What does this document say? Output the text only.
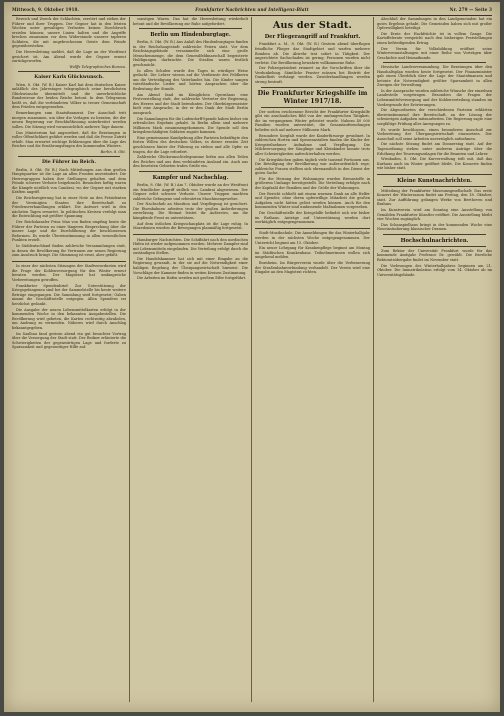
Mittwoch, 9. Oktober 1918.	Frankfurter Nachrichten und Intelligenz-Blatt	Nr. 279 — Seite 3

Bereich und Zweck der Schlachten, zerstört und ziehen der Führer und ihrer Truppen. Der Gegner hat in den letzten Wochen unter gewaltigen Verlusten keinen Durchbruch erzielen können; unsere Linien halten und die Angriffe brechen zusammen vor dem Widerstande unserer tapferen Soldaten, die mit ungebrochenem Geiste dem Feinde gegenüberstehen.

Die Heeresleitung meldet, daß die Lage an der Westfront gesichert ist. Am Abend wurde der Gegner erneut zurückgeworfen.

Wolffs Telegraphisches Bureau.

Kaiser Karls Glückwunsch.

Wien, 8. Okt. (W. B.) Kaiser Karl hat dem deutschen Kaiser anläßlich des Jahrestages telegraphisch seine herzlichsten Glückwünsche übermittelt und die unverbrüchliche Bundestreue der beiden Reiche betont. In dem Telegramm heißt es, daß die verbündeten Völker in treuer Gemeinschaft dem Frieden entgegensehen.

Bemerkungen zum Staatsfinanzrat. Der Ausschuß tritt morgen zusammen, um über die Vorlagen zu beraten, die der neuen Regierung zur Beschlußfassung unterbreitet werden sollen. Die Sitzung wird voraussichtlich mehrere Tage dauern.

Das Ministerium hat angeordnet, daß die Beratungen in voller Öffentlichkeit geführt werden und daß die Presse Zutritt erhält. Man erwartet wichtige Erklärungen über die Lage des Reiches und die Ernährungsfragen des kommenden Winters.

Berlin, 8. Okt.

Die Führer im Reich.

Berlin, 8. Okt. (W. B.) Nach Mitteilungen aus dem großen Hauptquartier ist die Lage an allen Fronten unverändert. Die Heeresgruppen haben ihre Stellungen gehalten und dem Feinde schwere Verluste beigebracht. Besonders heftig waren die Kämpfe nördlich von Cambrai, wo der Gegner mit starken Kräften angriff.

Die Reichsregierung hat in einer Note an den Präsidenten der Vereinigten Staaten ihre Bereitschaft zu Friedensverhandlungen erklärt. Die Antwort wird in den nächsten Tagen erwartet. In politischen Kreisen verfolgt man die Entwicklung mit größter Spannung.

Der Reichskanzler Prinz Max von Baden empfing heute die Führer der Parteien zu einer längeren Besprechung über die innere Lage und die Durchführung der beschlossenen Reformen. Es wurde Übereinstimmung in allen wesentlichen Punkten erzielt.

In Süddeutschland finden zahlreiche Versammlungen statt, in denen die Bevölkerung ihr Vertrauen zur neuen Regierung zum Ausdruck bringt. Die Stimmung ist ernst, aber gefaßt.

In einer der nächsten Sitzungen der Stadtverordneten wird die Frage der Kohlenversorgung für den Winter erneut beraten werden. Der Magistrat hat umfangreiche Vorbereitungen getroffen.

Frankfurter Spendenbrief. Zur Unterstützung der Kriegsgefangenen sind bei der Sammelstelle bis heute weitere Beträge eingegangen. Die Sammlung wird fortgesetzt; Gaben nimmt die Geschäftsstelle entgegen. Allen Spendern sei herzlichst gedankt.

Die Ausgabe der neuen Lebensmittelkarten erfolgt in der kommenden Woche in den bekannten Ausgabestellen. Die Bevölkerung wird gebeten, die Karten rechtzeitig abzuholen, um Andrang zu vermeiden. Näheres wird durch Anschlag bekanntgegeben.

Im Saalbau fand gestern abend ein gut besuchter Vortrag über die Versorgung der Stadt statt. Der Redner erläuterte die Schwierigkeiten der gegenwärtigen Lage und forderte zu Sparsamkeit und gegenseitiger Hilfe auf.

sonstigen Waren. Das hat die Heeresleitung wiederholt betont und die Bevölkerung zur Ruhe aufgefordert.

Berlin um Hindenburgtage.

Berlin, 8. Okt. (W. B.) Aus Anlaß des Hindenburgtages fanden in der Reichshauptstadt zahlreiche Feiern statt. Vor dem Reichstagsgebäude versammelte sich eine große Menschenmenge, die dem Generalfeldmarschall begeisterte Huldigungen darbrachte. Die Straßen waren festlich geschmückt.

In allen Schulen wurde des Tages in würdiger Weise gedacht. Die Lehrer wiesen auf die Verdienste des Feldherrn um die Verteidigung des Vaterlandes hin. Die Kinder sangen vaterländische Lieder und hörten Ansprachen über die Bedeutung der Stunde.

Am Abend fand im Königlichen Opernhaus eine Festvorstellung statt, der zahlreiche Vertreter der Regierung, des Heeres und der Stadt beiwohnten. Der Oberbürgermeister hielt eine Ansprache, in der er den Dank der Stadt Berlin aussprach.

Die Sammlungen für die Ludendorff-Spende haben bisher ein erfreuliches Ergebnis gehabt. In Berlin allein sind mehrere Millionen Mark zusammengekommen. Die Spende soll den kriegsbeschädigten Soldaten zugute kommen.

Eine gemeinsame Kundgebung aller Parteien bekräftigte den festen Willen des deutschen Volkes, in dieser ernsten Zeit geschlossen hinter der Führung zu stehen und alle Opfer zu tragen, die die Lage erfordert.

Zahlreiche Glückwunschtelegramme liefen aus allen Teilen des Reiches und aus dem verbündeten Ausland ein. Auch aus den besetzten Gebieten trafen Grüße ein.

Kampfer und Nachschlag.

Berlin, 8. Okt. (W. B.) Am 7. Oktober wurde an der Westfront ein feindlicher Angriff südlich von Cambrai abgewiesen. Der Gegner erlitt schwere Verluste. Unsere Truppen machten zahlreiche Gefangene und erbeuteten Maschinengewehre.

Der Nachschub an Munition und Verpflegung ist gesichert. Die Eisenbahnen arbeiten trotz der großen Anforderungen zuverlässig. Die Heimat leistet ihr Äußerstes, um die kämpfende Front zu unterstützen.

Auf dem östlichen Kriegsschauplatz ist die Lage ruhig. In Mazedonien wurden die Bewegungen planmäßig fortgesetzt.

Hamburger Nachrichten. Die Schiffahrt nach den nordischen Häfen ist wieder aufgenommen worden. Mehrere Dampfer sind mit Lebensmitteln eingelaufen. Die Verteilung erfolgt durch die zuständigen Stellen.

Die Handelskammer hat sich mit einer Eingabe an die Regierung gewandt, in der sie auf die Notwendigkeit einer baldigen Regelung der Übergangswirtschaft hinweist. Die Vorschläge der Kammer finden in weiten Kreisen Zustimmung.

Die Arbeiten im Hafen werden mit großem Eifer fortgeführt.

Aus der Stadt.

Der Fliegerangriff auf Frankfurt.

Frankfurt a. M., 8. Okt. (W. B.) Gestern abend überflogen feindliche Flieger das Stadtgebiet und warfen mehrere Bomben ab. Die Abwehr trat sofort in Tätigkeit. Der angerichtete Sachschaden ist gering; Personen wurden nicht verletzt. Die Bevölkerung bewahrte vollkommene Ruhe.

Der Polizeipräsident erinnert an die Vorschriften über die Verdunkelung. Sämtliche Fenster müssen bei Eintritt der Dunkelheit verhängt werden. Zuwiderhandlungen werden streng bestraft.

Die Frankfurter Kriegshilfe im Winter 1917/18.

Der soeben erschienene Bericht der Frankfurter Kriegshilfe gibt ein anschauliches Bild von der umfangreichen Tätigkeit, die im vergangenen Winter geleistet wurde. Nahezu 40 000 Familien wurden unterstützt; die Gesamtaufwendungen beliefen sich auf mehrere Millionen Mark.

Besondere Sorgfalt wurde der Kinderfürsorge gewidmet. In zahlreichen Horten und Speiseanstalten fanden die Kinder der Kriegsteilnehmer Aufnahme und Verpflegung. Die Milchversorgung der Säuglinge und Kleinkinder konnte trotz aller Schwierigkeiten aufrechterhalten werden.

Die Kriegsküchen gaben täglich viele tausend Portionen aus. Die Beteiligung der Bevölkerung war außerordentlich rege; zahlreiche Frauen stellten sich ehrenamtlich in den Dienst der guten Sache.

Für die Heizung der Wohnungen wurden Brennstoffe in größerem Umfange bereitgestellt. Die Verteilung erfolgte nach der Kopfzahl der Familien und der Größe der Wohnungen.

Der Bericht schließt mit einem warmen Dank an alle Helfer und Spender, ohne deren opferwillige Mitarbeit die großen Aufgaben nicht hätten gelöst werden können. Auch für den kommenden Winter sind umfassende Maßnahmen vorgesehen.

Die Geschäftsstelle der Kriegshilfe befindet sich wie bisher im Rathaus. Anträge auf Unterstützung werden dort werktäglich entgegengenommen.

Stadt-Musikschule. Die Anmeldungen für das Winterhalbjahr werden in der nächsten Woche entgegengenommen. Der Unterricht beginnt am 15. Oktober.

Ein neuer Lehrgang für Krankenpflege beginnt am Montag im Städtischen Krankenhaus. Teilnehmerinnen wollen sich umgehend melden.

Bornheim. Im Bürgerverein wurde über die Verbesserung der Straßenbahnverbindung verhandelt. Der Verein wird eine Eingabe an den Magistrat richten.

Abschluß der Sammlungen in den Landgemeinden hat ein gutes Ergebnis gehabt. Die Gemeinden haben sich mit großer Opferwilligkeit beteiligt.

Die Ernte der Hackfrüchte ist in vollem Gange. Die Kartoffelernte verspricht nach den bisherigen Feststellungen einen befriedigenden Ertrag.

Der Verein für Volksbildung eröffnet seine Winterveranstaltungen mit einer Reihe von Vorträgen über Geschichte und Heimatkunde.

Hessische Landesversammlung. Die Beratungen über den Haushaltsplan wurden heute fortgesetzt. Der Finanzminister gab einen Überblick über die Lage der Staatsfinanzen und betonte die Notwendigkeit größter Sparsamkeit in allen Zweigen der Verwaltung.

In der Aussprache wurden zahlreiche Wünsche der einzelnen Landesteile vorgetragen. Besonders die Fragen der Lebensmittelversorgung und der Kohlenverteilung standen im Vordergrunde der Erörterungen.

Die Abgeordneten der verschiedenen Parteien erklärten übereinstimmend ihre Bereitschaft, an der Lösung der schwierigen Aufgaben mitzuarbeiten. Die Regierung sagte eine sorgfältige Prüfung aller Anregungen zu.

Es wurde beschlossen, einen besonderen Ausschuß zur Vorbereitung der Übergangswirtschaft einzusetzen. Der Ausschuß soll seine Arbeiten unverzüglich aufnehmen.

Die nächste Sitzung findet am Donnerstag statt. Auf der Tagesordnung stehen unter anderem Anträge über die Erhöhung der Teuerungszulagen für die Beamten und Lehrer.

Wiesbaden, 8. Okt. Die Kurverwaltung teilt mit, daß das Kurhaus auch im Winter geöffnet bleibt. Die Konzerte finden wie bisher statt.

Kleine Kunstnachrichten.

Mitteilung der Frankfurter Museumsgesellschaft: Das erste Konzert der Wintersaison findet am Freitag, den 18. Oktober, statt. Zur Aufführung gelangen Werke von Beethoven und Brahms.

Im Kunstverein wird am Sonntag eine Ausstellung von Gemälden Frankfurter Künstler eröffnet. Die Ausstellung bleibt vier Wochen zugänglich.

Das Schauspielhaus bringt in der kommenden Woche eine Neueinstudierung klassischer Dramen.

Hochschulnachrichten.

Zum Rektor der Universität Frankfurt wurde für das kommende Amtsjahr Professor Dr. gewählt. Die feierliche Rektoratsübergabe findet im November statt.

Die Vorlesungen des Winterhalbjahres beginnen am 21. Oktober. Die Immatrikulation erfolgt vom 14. Oktober ab im Universitätsgebäude.
